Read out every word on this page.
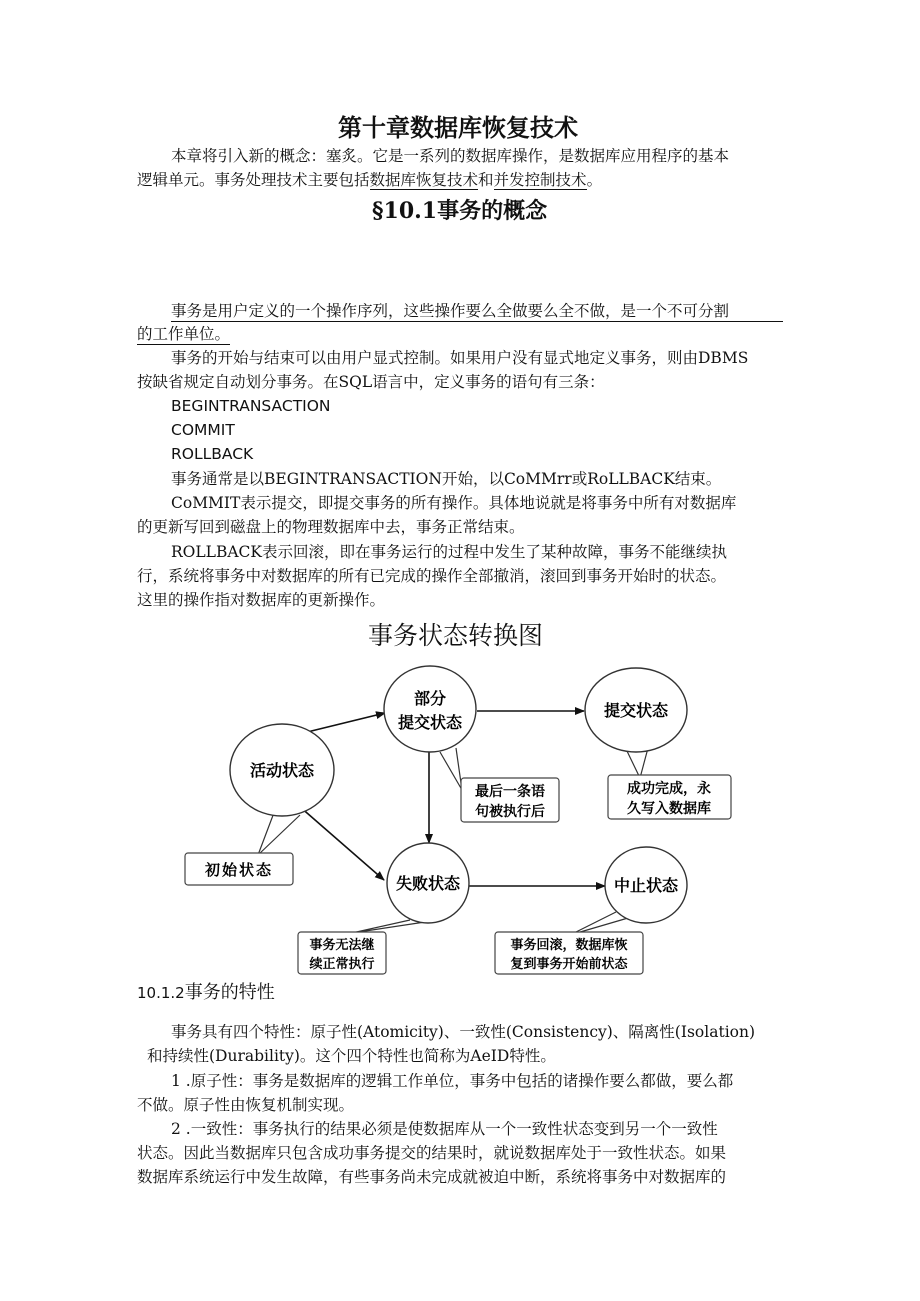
第十章数据库恢复技术
本章将引入新的概念：塞炙。它是一系列的数据库操作，是数据库应用程序的基本
逻辑单元。事务处理技术主要包括数据库恢复技术和并发控制技术。
§10.1事务的概念
事务是用户定义的一个操作序列，这些操作要么全做要么全不做，是一个不可分割
的工作单位。
事务的开始与结束可以由用户显式控制。如果用户没有显式地定义事务，则由DBMS
按缺省规定自动划分事务。在SQL语言中，定义事务的语句有三条：
BEGINTRANSACTION
COMMIT
ROLLBACK
事务通常是以BEGINTRANSACTION开始，以CoMMrr或RoLLBACK结束。
CoMMIT表示提交，即提交事务的所有操作。具体地说就是将事务中所有对数据库
的更新写回到磁盘上的物理数据库中去，事务正常结束。
ROLLBACK表示回滚，即在事务运行的过程中发生了某种故障，事务不能继续执
行，系统将事务中对数据库的所有已完成的操作全部撤消，滚回到事务开始时的状态。
这里的操作指对数据库的更新操作。
事务状态转换图
活动状态
部分
提交状态
提交状态
失败状态	中止状态
初始状态
最后一条语
句被执行后
成功完成，永
久写入数据库
事务无法继
续正常执行
事务回滚，数据库恢
复到事务开始前状态
10.1.2事务的特性
事务具有四个特性：原子性(Atomicity)、一致性(Consistency)、隔离性(Isolation)
和持续性(Durability)。这个四个特性也简称为AeID特性。
1 .原子性：事务是数据库的逻辑工作单位，事务中包括的诸操作要么都做，要么都
不做。原子性由恢复机制实现。
2 .一致性：事务执行的结果必须是使数据库从一个一致性状态变到另一个一致性
状态。因此当数据库只包含成功事务提交的结果时，就说数据库处于一致性状态。如果
数据库系统运行中发生故障，有些事务尚未完成就被迫中断，系统将事务中对数据库的
